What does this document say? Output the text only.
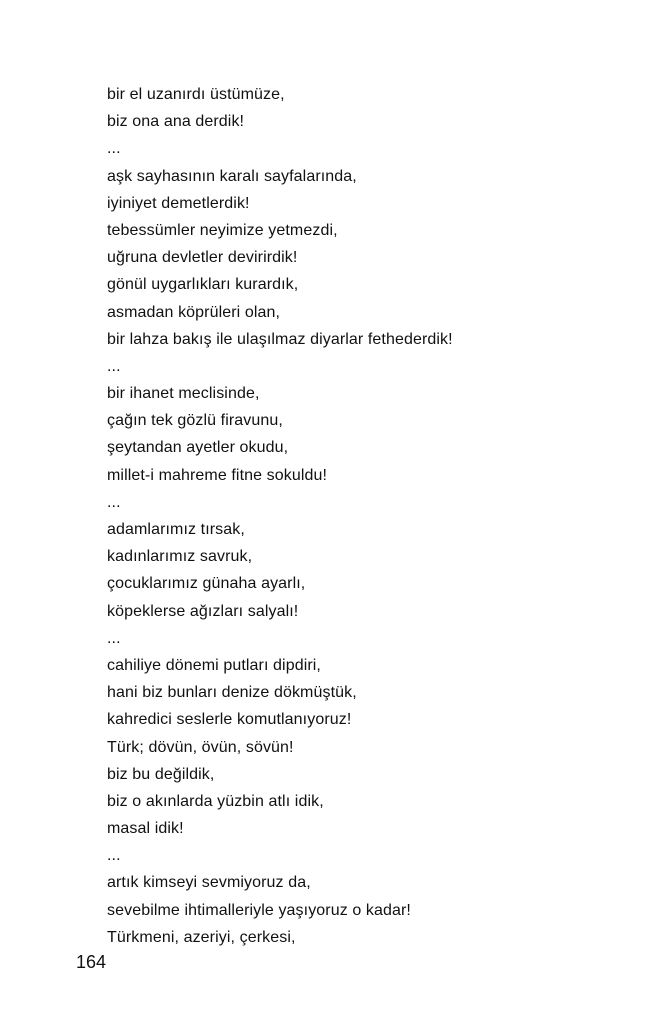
bir el uzanırdı üstümüze,
biz ona ana derdik!
...
aşk sayhasının karalı sayfalarında,
iyiniyet demetlerdik!
tebessümler neyimize yetmezdi,
uğruna devletler devirirdik!
gönül uygarlıkları kurardık,
asmadan köprüleri olan,
bir lahza bakış ile ulaşılmaz diyarlar fethederdik!
...
bir ihanet meclisinde,
çağın tek gözlü firavunu,
şeytandan ayetler okudu,
millet-i mahreme fitne sokuldu!
...
adamlarımız tırsak,
kadınlarımız savruk,
çocuklarımız günaha ayarlı,
köpeklerse ağızları salyalı!
...
cahiliye dönemi putları dipdiri,
hani biz bunları denize dökmüştük,
kahredici seslerle komutlanıyoruz!
Türk; dövün, övün, sövün!
biz bu değildik,
biz o akınlarda yüzbin atlı idik,
masal idik!
...
artık kimseyi sevmiyoruz da,
sevebilme ihtimalleriyle yaşıyoruz o kadar!
Türkmeni, azeriyi, çerkesi,
164
